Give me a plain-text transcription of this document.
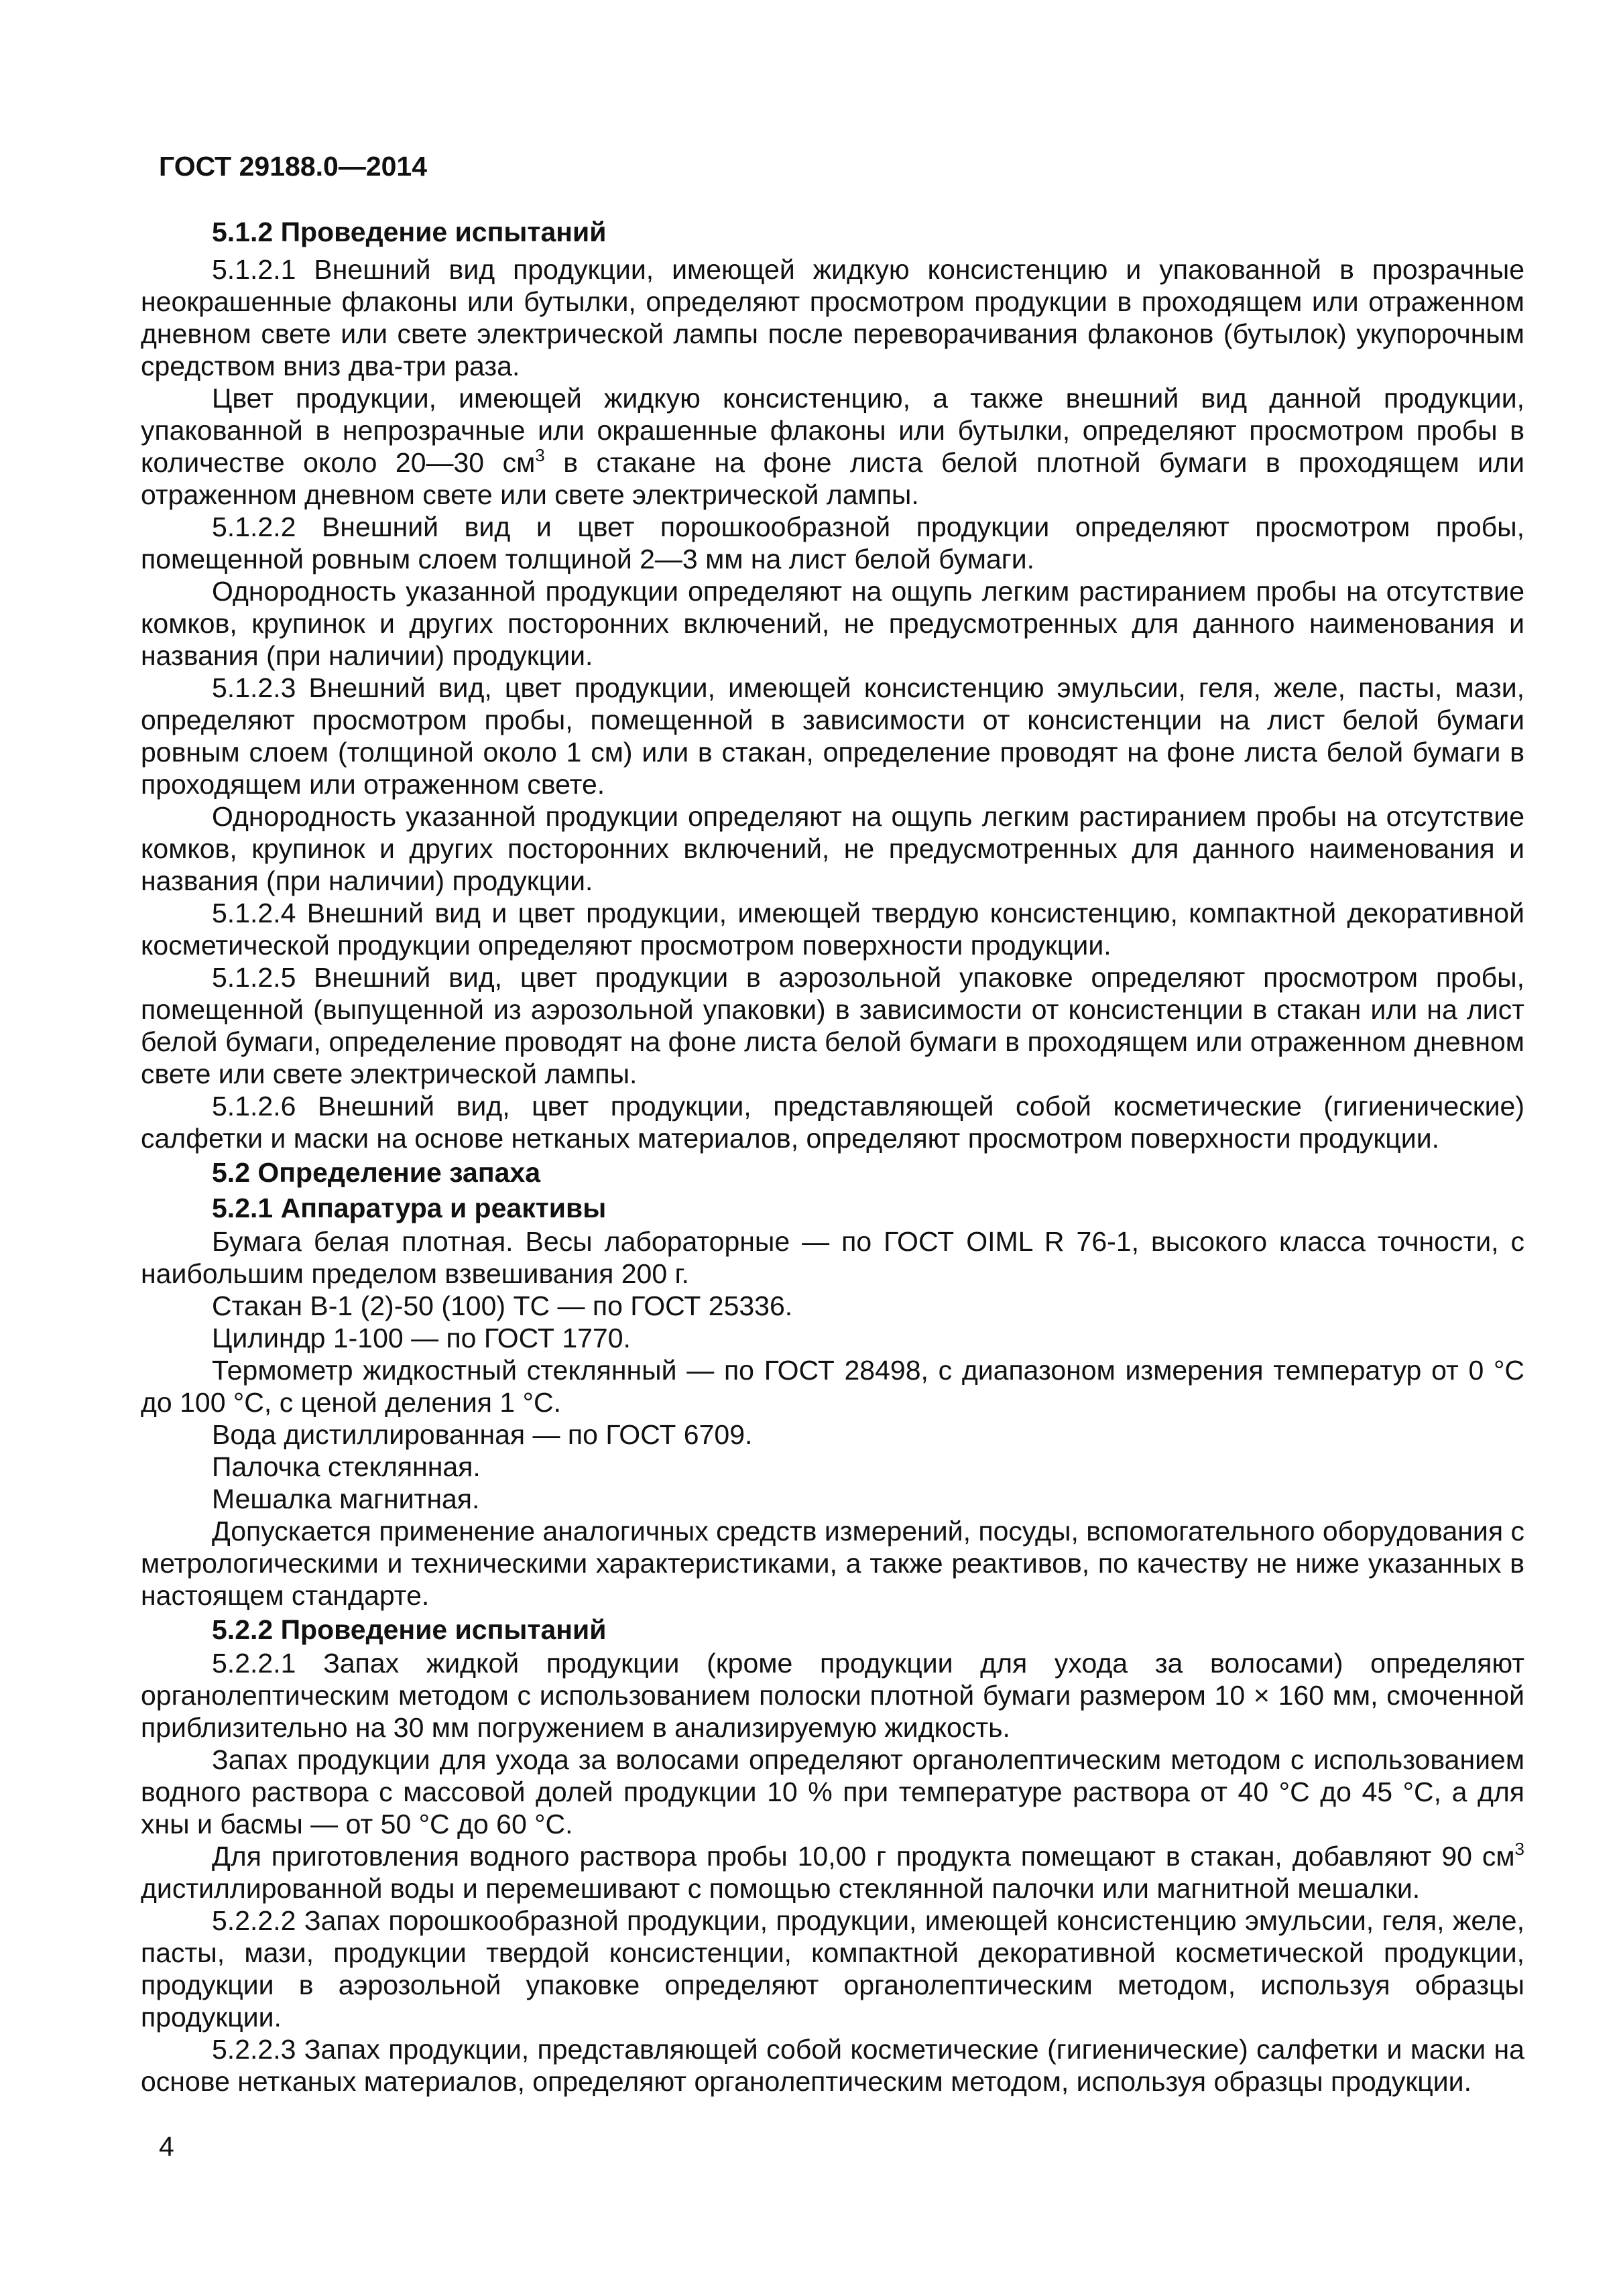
ГОСТ 29188.0—2014

5.1.2 Проведение испытаний

5.1.2.1 Внешний вид продукции, имеющей жидкую консистенцию и упакованной в прозрачные неокрашенные флаконы или бутылки, определяют просмотром продукции в проходящем или отраженном дневном свете или свете электрической лампы после переворачивания флаконов (бутылок) укупорочным средством вниз два-три раза.

Цвет продукции, имеющей жидкую консистенцию, а также внешний вид данной продукции, упакованной в непрозрачные или окрашенные флаконы или бутылки, определяют просмотром пробы в количестве около 20—30 $см^3$ в стакане на фоне листа белой плотной бумаги в проходящем или отраженном дневном свете или свете электрической лампы.

5.1.2.2 Внешний вид и цвет порошкообразной продукции определяют просмотром пробы, помещенной ровным слоем толщиной 2—3 мм на лист белой бумаги.

Однородность указанной продукции определяют на ощупь легким растиранием пробы на отсутствие комков, крупинок и других посторонних включений, не предусмотренных для данного наименования и названия (при наличии) продукции.

5.1.2.3 Внешний вид, цвет продукции, имеющей консистенцию эмульсии, геля, желе, пасты, мази, определяют просмотром пробы, помещенной в зависимости от консистенции на лист белой бумаги ровным слоем (толщиной около 1 см) или в стакан, определение проводят на фоне листа белой бумаги в проходящем или отраженном свете.

Однородность указанной продукции определяют на ощупь легким растиранием пробы на отсутствие комков, крупинок и других посторонних включений, не предусмотренных для данного наименования и названия (при наличии) продукции.

5.1.2.4 Внешний вид и цвет продукции, имеющей твердую консистенцию, компактной декоративной косметической продукции определяют просмотром поверхности продукции.

5.1.2.5 Внешний вид, цвет продукции в аэрозольной упаковке определяют просмотром пробы, помещенной (выпущенной из аэрозольной упаковки) в зависимости от консистенции в стакан или на лист белой бумаги, определение проводят на фоне листа белой бумаги в проходящем или отраженном дневном свете или свете электрической лампы.

5.1.2.6 Внешний вид, цвет продукции, представляющей собой косметические (гигиенические) салфетки и маски на основе нетканых материалов, определяют просмотром поверхности продукции.

5.2 Определение запаха

5.2.1 Аппаратура и реактивы

Бумага белая плотная. Весы лабораторные — по ГОСТ OIML R 76-1, высокого класса точности, с наибольшим пределом взвешивания 200 г.

Стакан В-1 (2)-50 (100) ТС — по ГОСТ 25336.

Цилиндр 1-100 — по ГОСТ 1770.

Термометр жидкостный стеклянный — по ГОСТ 28498, с диапазоном измерения температур от 0 °С до 100 °С, с ценой деления 1 °С.

Вода дистиллированная — по ГОСТ 6709.

Палочка стеклянная.

Мешалка магнитная.

Допускается применение аналогичных средств измерений, посуды, вспомогательного оборудования с метрологическими и техническими характеристиками, а также реактивов, по качеству не ниже указанных в настоящем стандарте.

5.2.2 Проведение испытаний

5.2.2.1 Запах жидкой продукции (кроме продукции для ухода за волосами) определяют органолептическим методом с использованием полоски плотной бумаги размером 10 × 160 мм, смоченной приблизительно на 30 мм погружением в анализируемую жидкость.

Запах продукции для ухода за волосами определяют органолептическим методом с использованием водного раствора с массовой долей продукции 10 % при температуре раствора от 40 °С до 45 °С, а для хны и басмы — от 50 °С до 60 °С.

Для приготовления водного раствора пробы 10,00 г продукта помещают в стакан, добавляют 90 $см^3$ дистиллированной воды и перемешивают с помощью стеклянной палочки или магнитной мешалки.

5.2.2.2 Запах порошкообразной продукции, продукции, имеющей консистенцию эмульсии, геля, желе, пасты, мази, продукции твердой консистенции, компактной декоративной косметической продукции, продукции в аэрозольной упаковке определяют органолептическим методом, используя образцы продукции.

5.2.2.3 Запах продукции, представляющей собой косметические (гигиенические) салфетки и маски на основе нетканых материалов, определяют органолептическим методом, используя образцы продукции.

4
